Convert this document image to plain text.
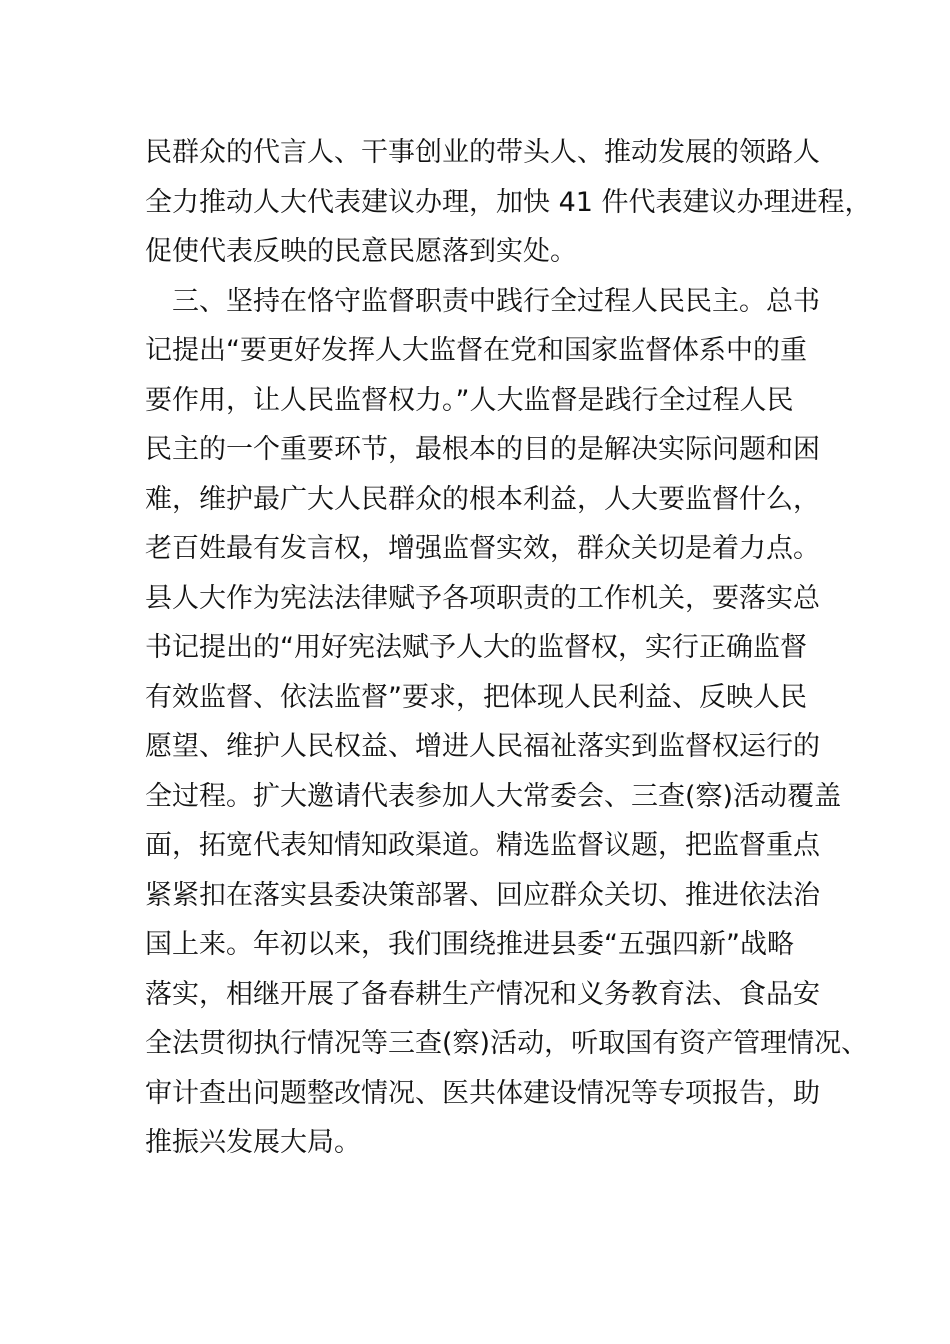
民群众的代言人、干事创业的带头人、推动发展的领路人
全力推动人大代表建议办理，加快 41 件代表建议办理进程，
促使代表反映的民意民愿落到实处。
　三、坚持在恪守监督职责中践行全过程人民民主。总书
记提出“要更好发挥人大监督在党和国家监督体系中的重
要作用，让人民监督权力。”人大监督是践行全过程人民
民主的一个重要环节，最根本的目的是解决实际问题和困
难，维护最广大人民群众的根本利益，人大要监督什么，
老百姓最有发言权，增强监督实效，群众关切是着力点。
县人大作为宪法法律赋予各项职责的工作机关，要落实总
书记提出的“用好宪法赋予人大的监督权，实行正确监督
有效监督、依法监督”要求，把体现人民利益、反映人民
愿望、维护人民权益、增进人民福祉落实到监督权运行的
全过程。扩大邀请代表参加人大常委会、三查(察)活动覆盖
面，拓宽代表知情知政渠道。精选监督议题，把监督重点
紧紧扣在落实县委决策部署、回应群众关切、推进依法治
国上来。年初以来，我们围绕推进县委“五强四新”战略
落实，相继开展了备春耕生产情况和义务教育法、食品安
全法贯彻执行情况等三查(察)活动，听取国有资产管理情况、
审计查出问题整改情况、医共体建设情况等专项报告，助
推振兴发展大局。
